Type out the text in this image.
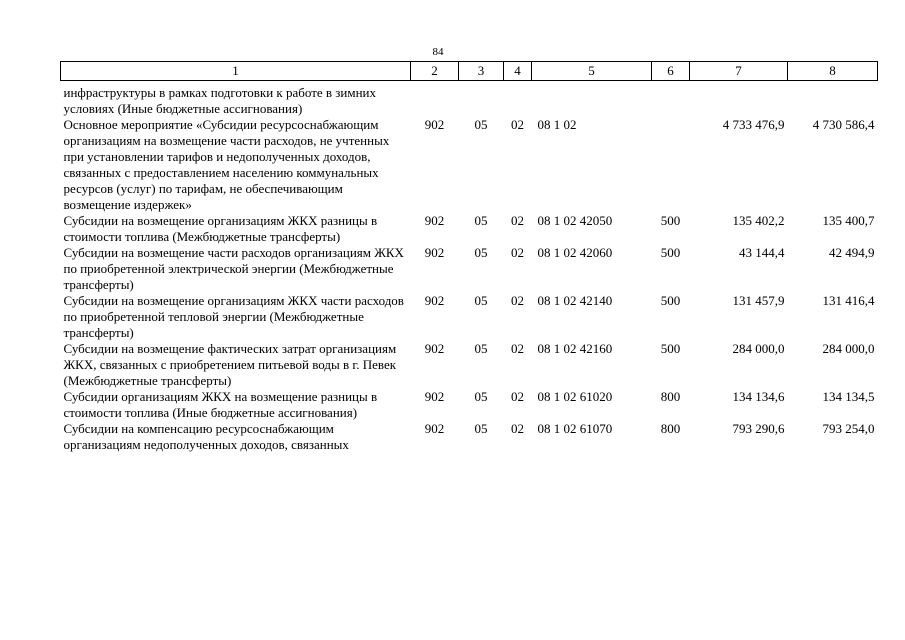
84
1	2	3	4	5	6	7	8
инфраструктуры в рамках подготовки к работе в зимних условиях (Иные бюджетные ассигнования)							
Основное мероприятие «Субсидии ресурсоснабжающим организациям на возмещение части расходов, не учтенных при установлении тарифов и недополученных доходов, связанных с предоставлением населению коммунальных ресурсов (услуг) по тарифам, не обеспечивающим возмещение издержек»	902	05	02	08 1 02		4 733 476,9	4 730 586,4
Субсидии на возмещение организациям ЖКХ разницы в стоимости топлива (Межбюджетные трансферты)	902	05	02	08 1 02 42050	500	135 402,2	135 400,7
Субсидии на возмещение части расходов организациям ЖКХ по приобретенной электрической энергии (Межбюджетные трансферты)	902	05	02	08 1 02 42060	500	43 144,4	42 494,9
Субсидии на возмещение организациям ЖКХ части расходов по приобретенной тепловой энергии (Межбюджетные трансферты)	902	05	02	08 1 02 42140	500	131 457,9	131 416,4
Субсидии на возмещение фактических затрат организациям ЖКХ, связанных с приобретением питьевой воды в г. Певек (Межбюджетные трансферты)	902	05	02	08 1 02 42160	500	284 000,0	284 000,0
Субсидии организациям ЖКХ на возмещение разницы в стоимости топлива (Иные бюджетные ассигнования)	902	05	02	08 1 02 61020	800	134 134,6	134 134,5
Субсидии на компенсацию ресурсоснабжающим организациям недополученных доходов, связанных	902	05	02	08 1 02 61070	800	793 290,6	793 254,0
